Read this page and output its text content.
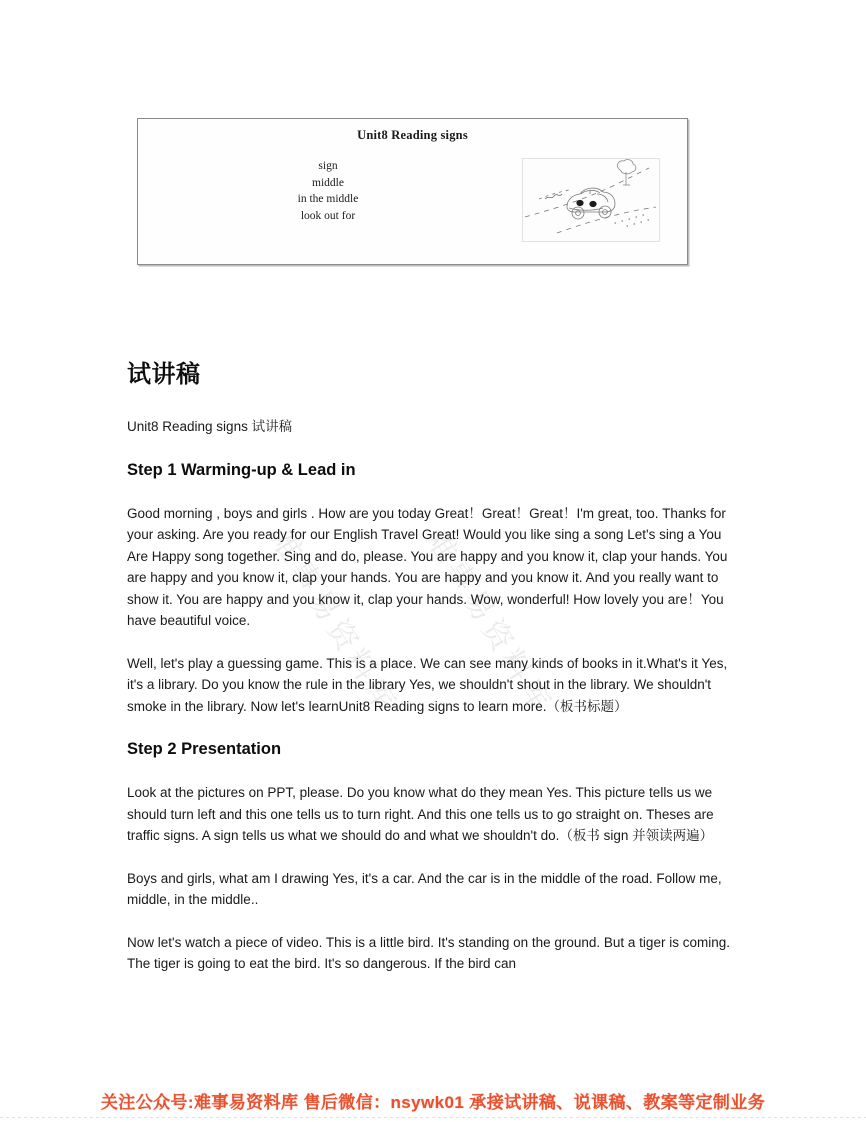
难事易资料库 难事易资料库
Unit8 Reading signs
sign
middle
in the middle
look out for
试讲稿

Unit8 Reading signs 试讲稿

Step 1 Warming-up & Lead in

Good morning , boys and girls . How are you today Great！Great！Great！I'm great, too. Thanks for your asking. Are you ready for our English Travel Great! Would you like sing a song Let's sing a You Are Happy song together. Sing and do, please. You are happy and you know it, clap your hands. You are happy and you know it, clap your hands. You are happy and you know it. And you really want to show it. You are happy and you know it, clap your hands. Wow, wonderful! How lovely you are！You have beautiful voice.

Well, let's play a guessing game. This is a place. We can see many kinds of books in it.What's it Yes, it's a library. Do you know the rule in the library Yes, we shouldn't shout in the library. We shouldn't smoke in the library. Now let's learnUnit8 Reading signs to learn more.（板书标题）

Step 2 Presentation

Look at the pictures on PPT, please. Do you know what do they mean Yes. This picture tells us we should turn left and this one tells us to turn right. And this one tells us to go straight on. Theses are traffic signs. A sign tells us what we should do and what we shouldn't do.（板书 sign 并领读两遍）

Boys and girls, what am I drawing Yes, it's a car. And the car is in the middle of the road. Follow me, middle, in the middle..

Now let's watch a piece of video. This is a little bird. It's standing on the ground. But a tiger is coming. The tiger is going to eat the bird. It's so dangerous. If the bird can

关注公众号:难事易资料库 售后微信：nsywk01 承接试讲稿、说课稿、教案等定制业务
